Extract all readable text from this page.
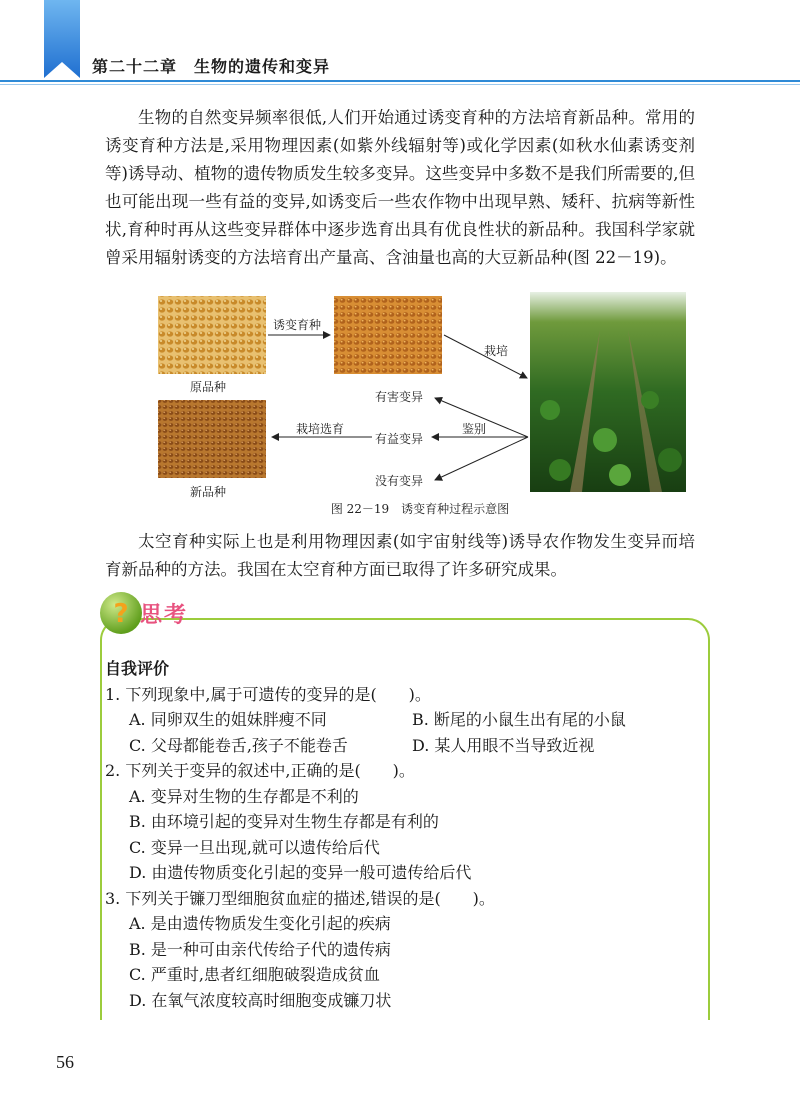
第二十二章　生物的遗传和变异

生物的自然变异频率很低,人们开始通过诱变育种的方法培育新品种。常用的诱变育种方法是,采用物理因素(如紫外线辐射等)或化学因素(如秋水仙素诱变剂等)诱导动、植物的遗传物质发生较多变异。这些变异中多数不是我们所需要的,但也可能出现一些有益的变异,如诱变后一些农作物中出现早熟、矮秆、抗病等新性状,育种时再从这些变异群体中逐步选育出具有优良性状的新品种。我国科学家就曾采用辐射诱变的方法培育出产量高、含油量也高的大豆新品种(图 22－19)。

原品种
新品种
诱变育种
栽培
有害变异
有益变异
没有变异
鉴别
栽培选育
图 22－19　诱变育种过程示意图

太空育种实际上也是利用物理因素(如宇宙射线等)诱导农作物发生变异而培育新品种的方法。我国在太空育种方面已取得了许多研究成果。

? 思考
自我评价

1. 下列现象中,属于可遗传的变异的是(　　)。

A. 同卵双生的姐妹胖瘦不同	B. 断尾的小鼠生出有尾的小鼠
C. 父母都能卷舌,孩子不能卷舌	D. 某人用眼不当导致近视

2. 下列关于变异的叙述中,正确的是(　　)。

A. 变异对生物的生存都是不利的

B. 由环境引起的变异对生物生存都是有利的

C. 变异一旦出现,就可以遗传给后代

D. 由遗传物质变化引起的变异一般可遗传给后代

3. 下列关于镰刀型细胞贫血症的描述,错误的是(　　)。

A. 是由遗传物质发生变化引起的疾病

B. 是一种可由亲代传给子代的遗传病

C. 严重时,患者红细胞破裂造成贫血

D. 在氧气浓度较高时细胞变成镰刀状

56
